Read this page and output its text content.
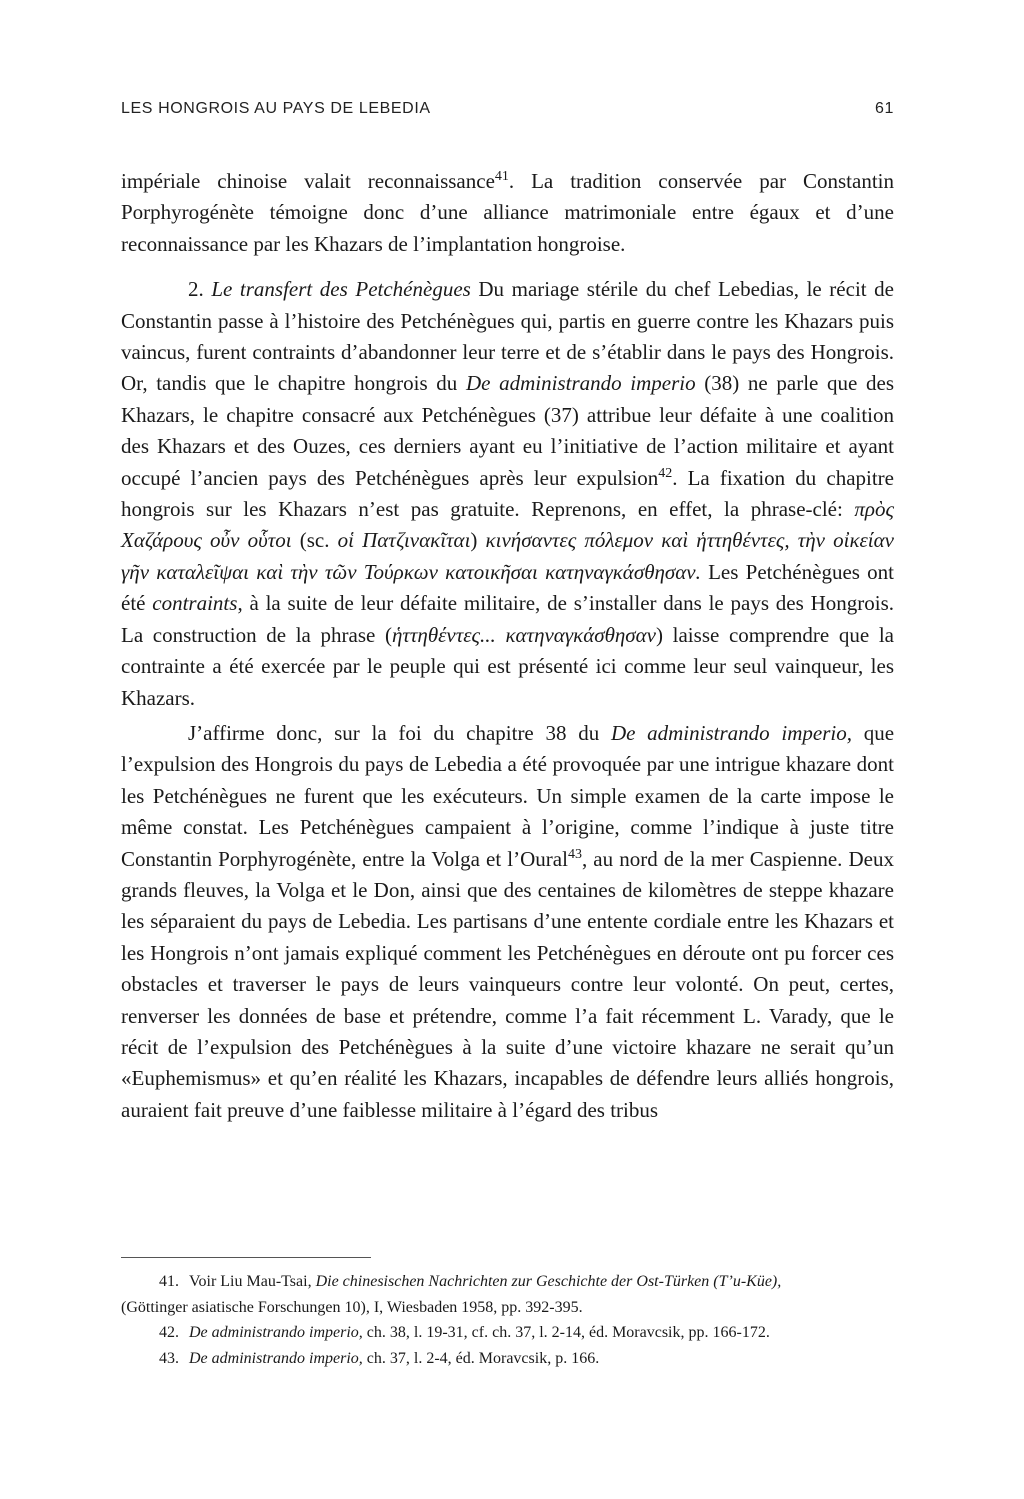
LES HONGROIS AU PAYS DE LEBEDIA	61

impériale chinoise valait reconnaissance$^{41}$. La tradition conservée par Constantin Porphyrogénète témoigne donc d’une alliance matrimoniale entre égaux et d’une reconnaissance par les Khazars de l’implantation hongroise.

2. Le transfert des Petchénègues Du mariage stérile du chef Lebedias, le récit de Constantin passe à l’histoire des Petchénègues qui, partis en guerre contre les Khazars puis vaincus, furent contraints d’abandonner leur terre et de s’établir dans le pays des Hongrois. Or, tandis que le chapitre hongrois du De administrando imperio (38) ne parle que des Khazars, le chapitre consacré aux Petchénègues (37) attribue leur défaite à une coalition des Khazars et des Ouzes, ces derniers ayant eu l’initiative de l’action militaire et ayant occupé l’ancien pays des Petchénègues après leur expulsion$^{42}$. La fixation du chapitre hongrois sur les Khazars n’est pas gratuite. Reprenons, en effet, la phrase-clé: πρὸς Χαζάρους οὖν οὗτοι (sc. οἱ Πατζινακῖται) κινήσαντες πόλεμον καὶ ἡττηθέντες, τὴν οἰκείαν γῆν καταλεῖψαι καὶ τὴν τῶν Τούρκων κατοικῆσαι κατηναγκάσθησαν. Les Petchénègues ont été contraints, à la suite de leur défaite militaire, de s’installer dans le pays des Hongrois. La construction de la phrase (ἡττηθέντες... κατηναγκάσθησαν) laisse comprendre que la contrainte a été exercée par le peuple qui est présenté ici comme leur seul vainqueur, les Khazars.

J’affirme donc, sur la foi du chapitre 38 du De administrando imperio, que l’expulsion des Hongrois du pays de Lebedia a été provoquée par une intrigue khazare dont les Petchénègues ne furent que les exécuteurs. Un simple examen de la carte impose le même constat. Les Petchénègues campaient à l’origine, comme l’indique à juste titre Constantin Porphyrogénète, entre la Volga et l’Oural$^{43}$, au nord de la mer Caspienne. Deux grands fleuves, la Volga et le Don, ainsi que des centaines de kilomètres de steppe khazare les séparaient du pays de Lebedia. Les partisans d’une entente cordiale entre les Khazars et les Hongrois n’ont jamais expliqué comment les Petchénègues en déroute ont pu forcer ces obstacles et traverser le pays de leurs vainqueurs contre leur volonté. On peut, certes, renverser les données de base et prétendre, comme l’a fait récemment L. Varady, que le récit de l’expulsion des Petchénègues à la suite d’une victoire khazare ne serait qu’un «Euphemismus» et qu’en réalité les Khazars, incapables de défendre leurs alliés hongrois, auraient fait preuve d’une faiblesse militaire à l’égard des tribus

41. Voir Liu Mau-Tsai, Die chinesischen Nachrichten zur Geschichte der Ost-Türken (T’u-Küe),
(Göttinger asiatische Forschungen 10), I, Wiesbaden 1958, pp. 392-395.

42. De administrando imperio, ch. 38, l. 19-31, cf. ch. 37, l. 2-14, éd. Moravcsik, pp. 166-172.

43. De administrando imperio, ch. 37, l. 2-4, éd. Moravcsik, p. 166.
